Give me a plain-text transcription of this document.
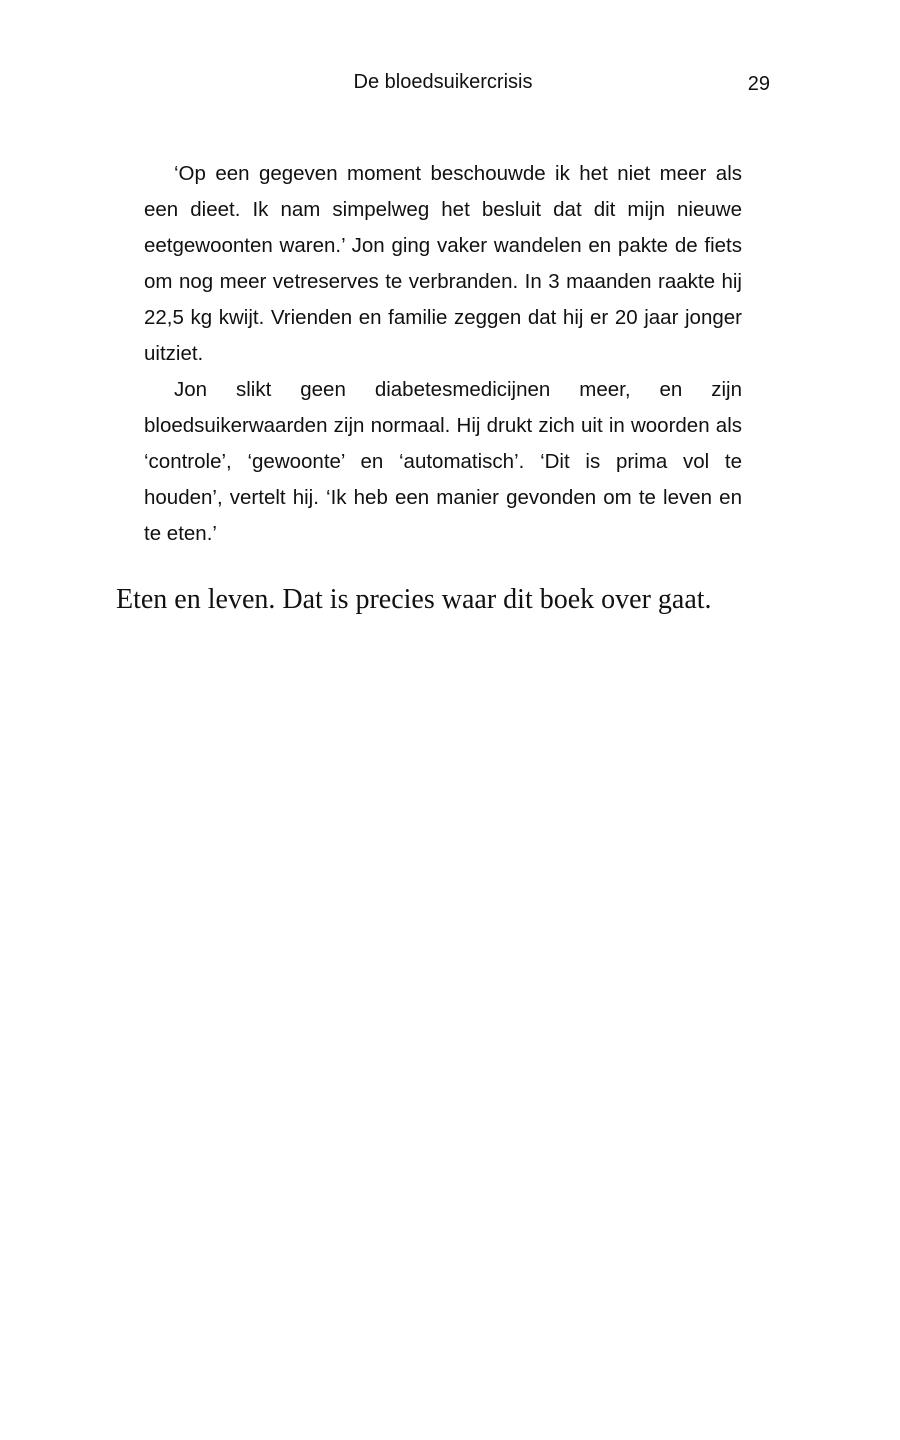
De bloedsuikercrisis	29

‘Op een gegeven moment beschouwde ik het niet meer als een dieet. Ik nam simpelweg het besluit dat dit mijn nieuwe eetgewoonten waren.’ Jon ging vaker wandelen en pakte de fiets om nog meer vetreserves te verbranden. In 3 maanden raakte hij 22,5 kg kwijt. Vrienden en familie zeggen dat hij er 20 jaar jonger uitziet.

Jon slikt geen diabetesmedicijnen meer, en zijn bloedsuikerwaarden zijn normaal. Hij drukt zich uit in woorden als ‘controle’, ‘gewoonte’ en ‘automatisch’. ‘Dit is prima vol te houden’, vertelt hij. ‘Ik heb een manier gevonden om te leven en te eten.’

Eten en leven. Dat is precies waar dit boek over gaat.
